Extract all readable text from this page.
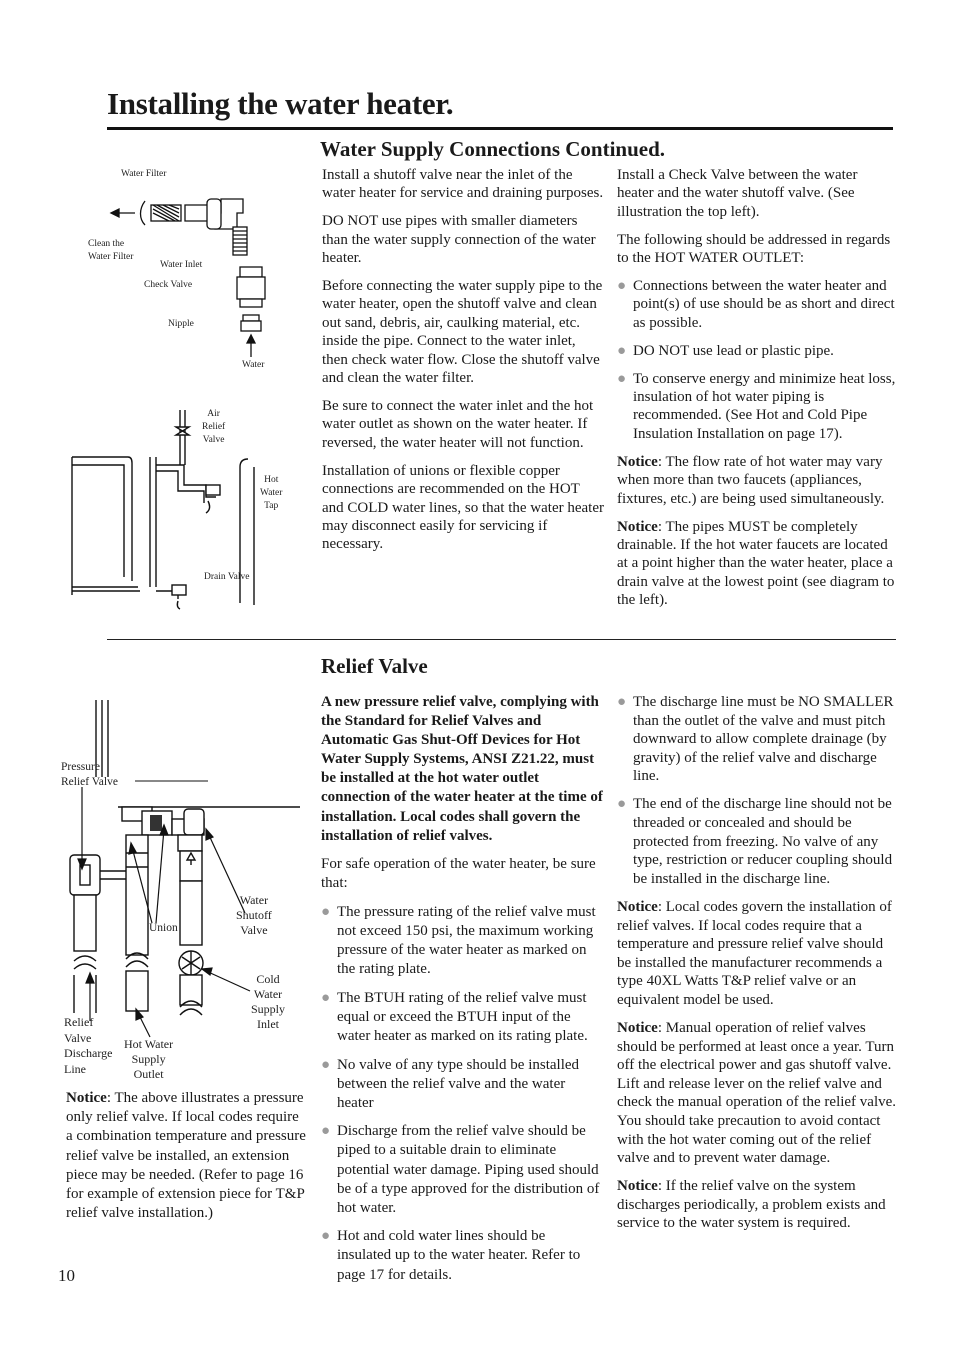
Installing the water heater.
Water Supply Connections Continued.
Water Filter
Clean the
Water Filter
Water Inlet
Check Valve
Nipple
Water
Air
Relief
Valve
Hot
Water
Tap
Drain Valve

Install a shutoff valve near the inlet of the water heater for service and draining purposes.

DO NOT use pipes with smaller diameters than the water supply connection of the water heater.

Before connecting the water supply pipe to the water heater, open the shutoff valve and clean out sand, debris, air, caulking material, etc. inside the pipe. Connect to the water inlet, then check water flow. Close the shutoff valve and clean the water filter.

Be sure to connect the water inlet and the hot water outlet as shown on the water heater. If reversed, the water heater will not function.

Installation of unions or flexible copper connections are recommended on the HOT and COLD water lines, so that the water heater may disconnect easily for servicing if necessary.

Install a Check Valve between the water heater and the water shutoff valve. (See illustration the top left).

The following should be addressed in regards to the HOT WATER OUTLET:

● Connections between the water heater and point(s) of use should be as short and direct as possible.
● DO NOT use lead or plastic pipe.
● To conserve energy and minimize heat loss, insulation of hot water piping is recommended. (See Hot and Cold Pipe Insulation Installation on page 17).

Notice: The flow rate of hot water may vary when more than two faucets (appliances, fixtures, etc.) are being used simultaneously.

Notice: The pipes MUST be completely drainable. If the hot water faucets are located at a point higher than the water heater, place a drain valve at the lowest point (see diagram to the left).

Relief Valve
Pressure
Relief Valve
Union
Water
Shutoff
Valve
Cold
Water
Supply
Inlet
Relief
Valve
Discharge
Line
Hot Water
Supply
Outlet
Notice: The above illustrates a pressure only relief valve. If local codes require a combination temperature and pressure relief valve be installed, an extension piece may be needed. (Refer to page 16 for example of extension piece for T&P relief valve installation.)

A new pressure relief valve, complying with the Standard for Relief Valves and Automatic Gas Shut-Off Devices for Hot Water Supply Systems, ANSI Z21.22, must be installed at the hot water outlet connection of the water heater at the time of installation. Local codes shall govern the installation of relief valves.

For safe operation of the water heater, be sure that:

● The pressure rating of the relief valve must not exceed 150 psi, the maximum working pressure of the water heater as marked on the rating plate.
● The BTUH rating of the relief valve must equal or exceed the BTUH input of the water heater as marked on its rating plate.
● No valve of any type should be installed between the relief valve and the water heater
● Discharge from the relief valve should be piped to a suitable drain to eliminate potential water damage. Piping used should be of a type approved for the distribution of hot water.
● Hot and cold water lines should be insulated up to the water heater. Refer to page 17 for details.
● The discharge line must be NO SMALLER than the outlet of the valve and must pitch downward to allow complete drainage (by gravity) of the relief valve and discharge line.
● The end of the discharge line should not be threaded or concealed and should be protected from freezing. No valve of any type, restriction or reducer coupling should be installed in the discharge line.

Notice: Local codes govern the installation of relief valves. If local codes require that a temperature and pressure relief valve should be installed the manufacturer recommends a type 40XL Watts T&P relief valve or an equivalent model be used.

Notice: Manual operation of relief valves should be performed at least once a year. Turn off the electrical power and gas shutoff valve. Lift and release lever on the relief valve and check the manual operation of the relief valve. You should take precaution to avoid contact with the hot water coming out of the relief valve and to prevent water damage.

Notice: If the relief valve on the system discharges periodically, a problem exists and service to the water system is required.

10
